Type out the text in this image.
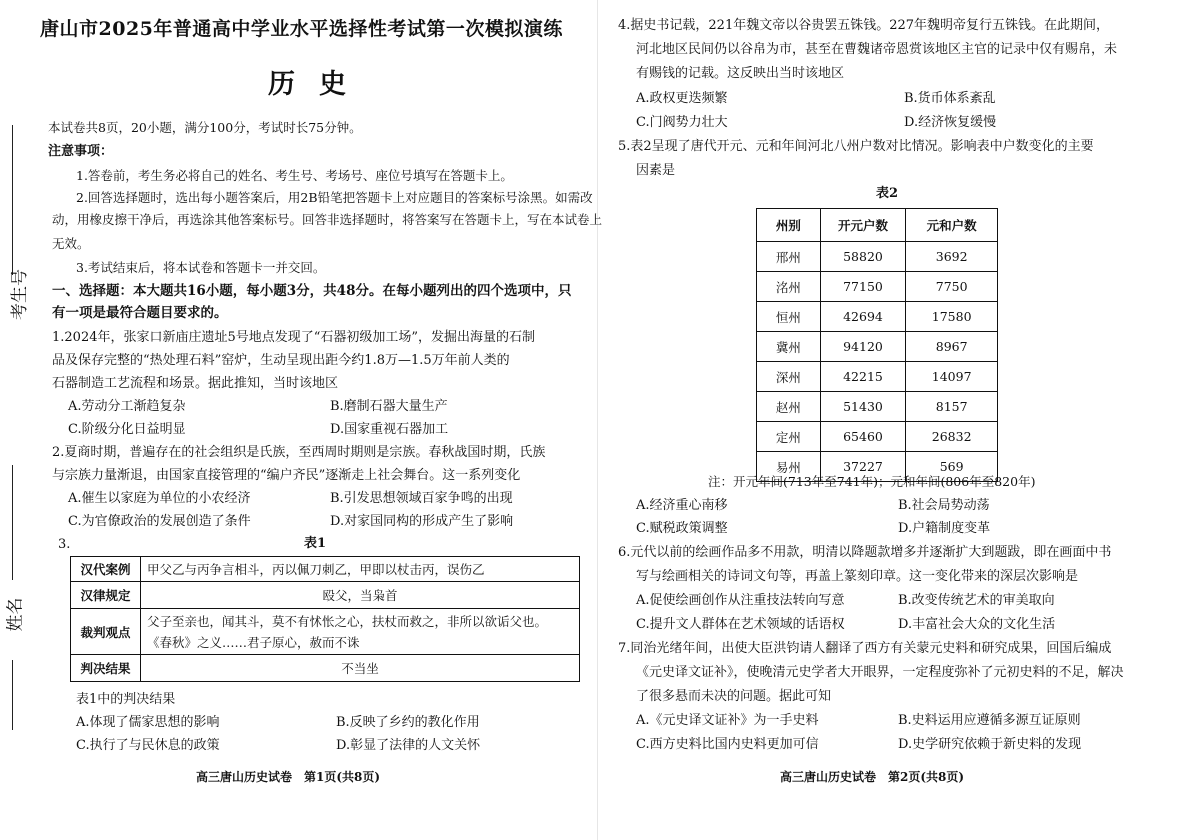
考生号
姓名
唐山市2025年普通高中学业水平选择性考试第一次模拟演练
历史
本试卷共8页，20小题，满分100分，考试时长75分钟。
注意事项：
1.答卷前，考生务必将自己的姓名、考生号、考场号、座位号填写在答题卡上。
2.回答选择题时，选出每小题答案后，用2B铅笔把答题卡上对应题目的答案标号涂黑。如需改
动，用橡皮擦干净后，再选涂其他答案标号。回答非选择题时，将答案写在答题卡上，写在本试卷上
无效。
3.考试结束后，将本试卷和答题卡一并交回。
一、选择题：本大题共16小题，每小题3分，共48分。在每小题列出的四个选项中，只
有一项是最符合题目要求的。
1.2024年，张家口新庙庄遗址5号地点发现了“石器初级加工场”，发掘出海量的石制
品及保存完整的“热处理石料”窑炉，生动呈现出距今约1.8万—1.5万年前人类的
石器制造工艺流程和场景。据此推知，当时该地区
A.劳动分工渐趋复杂	B.磨制石器大量生产
C.阶级分化日益明显	D.国家重视石器加工
2.夏商时期，普遍存在的社会组织是氏族，至西周时期则是宗族。春秋战国时期，氏族
与宗族力量渐退，由国家直接管理的“编户齐民”逐渐走上社会舞台。这一系列变化
A.催生以家庭为单位的小农经济	B.引发思想领域百家争鸣的出现
C.为官僚政治的发展创造了条件	D.对家国同构的形成产生了影响
3.	表1
汉代案例	甲父乙与丙争言相斗，丙以佩刀刺乙，甲即以杖击丙，误伤乙
汉律规定	殴父，当枭首
裁判观点	父子至亲也，闻其斗，莫不有怵怅之心，扶杖而救之，非所以欲诟父也。
《春秋》之义……君子原心，赦而不诛

判决结果	不当坐
表1中的判决结果
A.体现了儒家思想的影响	B.反映了乡约的教化作用
C.执行了与民休息的政策	D.彰显了法律的人文关怀
高三唐山历史试卷　第1页(共8页)
4.据史书记载，221年魏文帝以谷贵罢五铢钱。227年魏明帝复行五铢钱。在此期间，
河北地区民间仍以谷帛为市，甚至在曹魏诸帝恩赏该地区主官的记录中仅有赐帛，未
有赐钱的记载。这反映出当时该地区
A.政权更迭频繁	B.货币体系紊乱
C.门阀势力壮大	D.经济恢复缓慢
5.表2呈现了唐代开元、元和年间河北八州户数对比情况。影响表中户数变化的主要
因素是
表2
州别	开元户数	元和户数
邢州	58820	3692
洺州	77150	7750
恒州	42694	17580
冀州	94120	8967
深州	42215	14097
赵州	51430	8157
定州	65460	26832
易州	37227	569
注：开元年间(713年至741年)；元和年间(806年至820年)
A.经济重心南移	B.社会局势动荡
C.赋税政策调整	D.户籍制度变革
6.元代以前的绘画作品多不用款，明清以降题款增多并逐渐扩大到题跋，即在画面中书
写与绘画相关的诗词文句等，再盖上篆刻印章。这一变化带来的深层次影响是
A.促使绘画创作从注重技法转向写意	B.改变传统艺术的审美取向
C.提升文人群体在艺术领域的话语权	D.丰富社会大众的文化生活
7.同治光绪年间，出使大臣洪钧请人翻译了西方有关蒙元史料和研究成果，回国后编成
《元史译文证补》，使晚清元史学者大开眼界，一定程度弥补了元初史料的不足，解决
了很多悬而未决的问题。据此可知
A.《元史译文证补》为一手史料	B.史料运用应遵循多源互证原则
C.西方史料比国内史料更加可信	D.史学研究依赖于新史料的发现
高三唐山历史试卷　第2页(共8页)
